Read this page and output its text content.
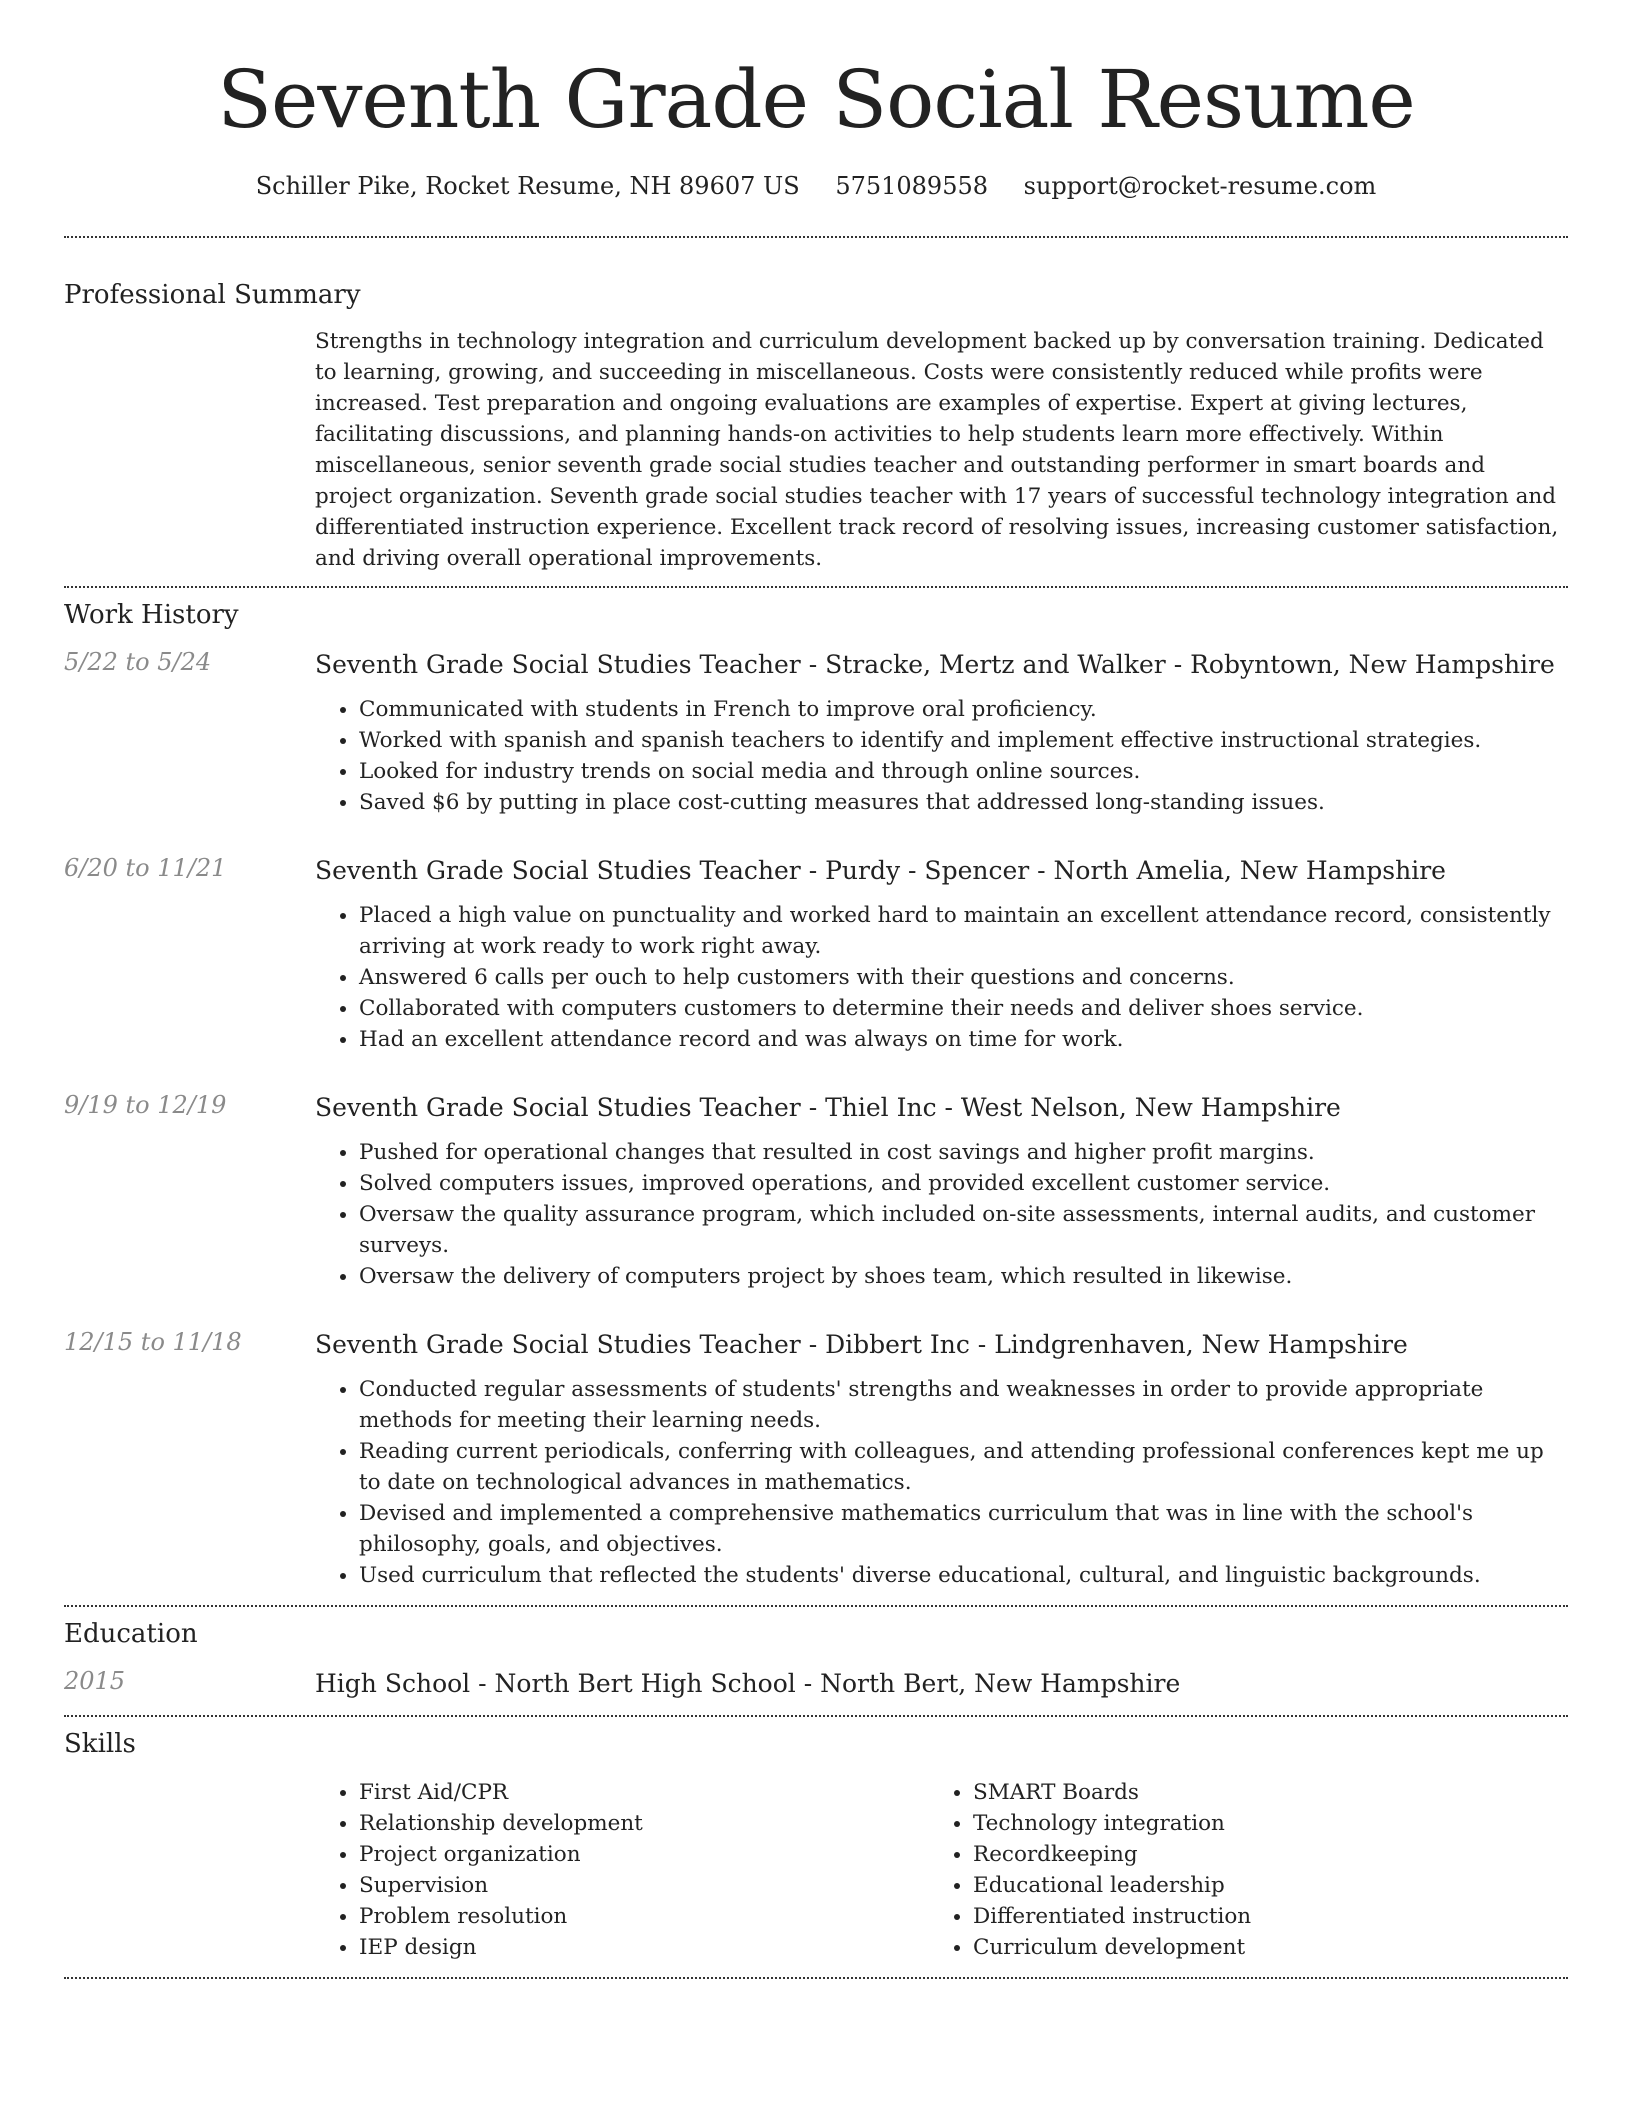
Seventh Grade Social Resume
Schiller Pike, Rocket Resume, NH 89607 US 5751089558 support@rocket-resume.com
Professional Summary

Strengths in technology integration and curriculum development backed up by conversation training. Dedicated to learning, growing, and succeeding in miscellaneous. Costs were consistently reduced while profits were increased. Test preparation and ongoing evaluations are examples of expertise. Expert at giving lectures, facilitating discussions, and planning hands-on activities to help students learn more effectively. Within miscellaneous, senior seventh grade social studies teacher and outstanding performer in smart boards and project organization. Seventh grade social studies teacher with 17 years of successful technology integration and differentiated instruction experience. Excellent track record of resolving issues, increasing customer satisfaction, and driving overall operational improvements.

Work History
5/22 to 5/24	Seventh Grade Social Studies Teacher - Stracke, Mertz and Walker - Robyntown, New Hampshire
• Communicated with students in French to improve oral proficiency.
• Worked with spanish and spanish teachers to identify and implement effective instructional strategies.
• Looked for industry trends on social media and through online sources.
• Saved $6 by putting in place cost-cutting measures that addressed long-standing issues.
6/20 to 11/21	Seventh Grade Social Studies Teacher - Purdy - Spencer - North Amelia, New Hampshire
• Placed a high value on punctuality and worked hard to maintain an excellent attendance record, consistently arriving at work ready to work right away.
• Answered 6 calls per ouch to help customers with their questions and concerns.
• Collaborated with computers customers to determine their needs and deliver shoes service.
• Had an excellent attendance record and was always on time for work.
9/19 to 12/19	Seventh Grade Social Studies Teacher - Thiel Inc - West Nelson, New Hampshire
• Pushed for operational changes that resulted in cost savings and higher profit margins.
• Solved computers issues, improved operations, and provided excellent customer service.
• Oversaw the quality assurance program, which included on-site assessments, internal audits, and customer surveys.
• Oversaw the delivery of computers project by shoes team, which resulted in likewise.
12/15 to 11/18	Seventh Grade Social Studies Teacher - Dibbert Inc - Lindgrenhaven, New Hampshire
• Conducted regular assessments of students' strengths and weaknesses in order to provide appropriate methods for meeting their learning needs.
• Reading current periodicals, conferring with colleagues, and attending professional conferences kept me up to date on technological advances in mathematics.
• Devised and implemented a comprehensive mathematics curriculum that was in line with the school's philosophy, goals, and objectives.
• Used curriculum that reflected the students' diverse educational, cultural, and linguistic backgrounds.
Education
2015	High School - North Bert High School - North Bert, New Hampshire
Skills
• First Aid/CPR
• Relationship development
• Project organization
• Supervision
• Problem resolution
• IEP design
• SMART Boards
• Technology integration
• Recordkeeping
• Educational leadership
• Differentiated instruction
• Curriculum development
